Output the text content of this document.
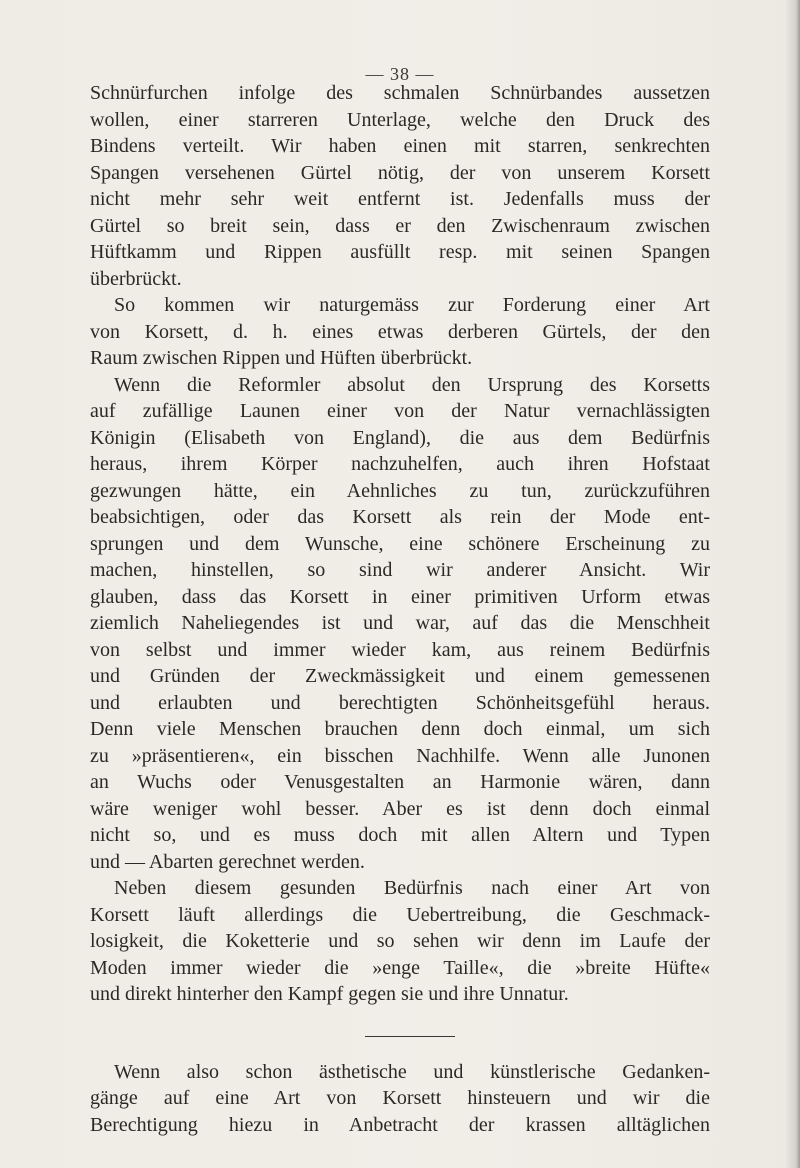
— 38 —
Schnürfurchen infolge des schmalen Schnürbandes aussetzen
wollen, einer starreren Unterlage, welche den Druck des
Bindens verteilt. Wir haben einen mit starren, senkrechten
Spangen versehenen Gürtel nötig, der von unserem Korsett
nicht mehr sehr weit entfernt ist. Jedenfalls muss der
Gürtel so breit sein, dass er den Zwischenraum zwischen
Hüftkamm und Rippen ausfüllt resp. mit seinen Spangen
überbrückt.
So kommen wir naturgemäss zur Forderung einer Art
von Korsett, d. h. eines etwas derberen Gürtels, der den
Raum zwischen Rippen und Hüften überbrückt.
Wenn die Reformler absolut den Ursprung des Korsetts
auf zufällige Launen einer von der Natur vernachlässigten
Königin (Elisabeth von England), die aus dem Bedürfnis
heraus, ihrem Körper nachzuhelfen, auch ihren Hofstaat
gezwungen hätte, ein Aehnliches zu tun, zurückzuführen
beabsichtigen, oder das Korsett als rein der Mode ent-
sprungen und dem Wunsche, eine schönere Erscheinung zu
machen, hinstellen, so sind wir anderer Ansicht. Wir
glauben, dass das Korsett in einer primitiven Urform etwas
ziemlich Naheliegendes ist und war, auf das die Menschheit
von selbst und immer wieder kam, aus reinem Bedürfnis
und Gründen der Zweckmässigkeit und einem gemessenen
und erlaubten und berechtigten Schönheitsgefühl heraus.
Denn viele Menschen brauchen denn doch einmal, um sich
zu »präsentieren«, ein bisschen Nachhilfe. Wenn alle Junonen
an Wuchs oder Venusgestalten an Harmonie wären, dann
wäre weniger wohl besser. Aber es ist denn doch einmal
nicht so, und es muss doch mit allen Altern und Typen
und — Abarten gerechnet werden.
Neben diesem gesunden Bedürfnis nach einer Art von
Korsett läuft allerdings die Uebertreibung, die Geschmack-
losigkeit, die Koketterie und so sehen wir denn im Laufe der
Moden immer wieder die »enge Taille«, die »breite Hüfte«
und direkt hinterher den Kampf gegen sie und ihre Unnatur.
Wenn also schon ästhetische und künstlerische Gedanken-
gänge auf eine Art von Korsett hinsteuern und wir die
Berechtigung hiezu in Anbetracht der krassen alltäglichen
